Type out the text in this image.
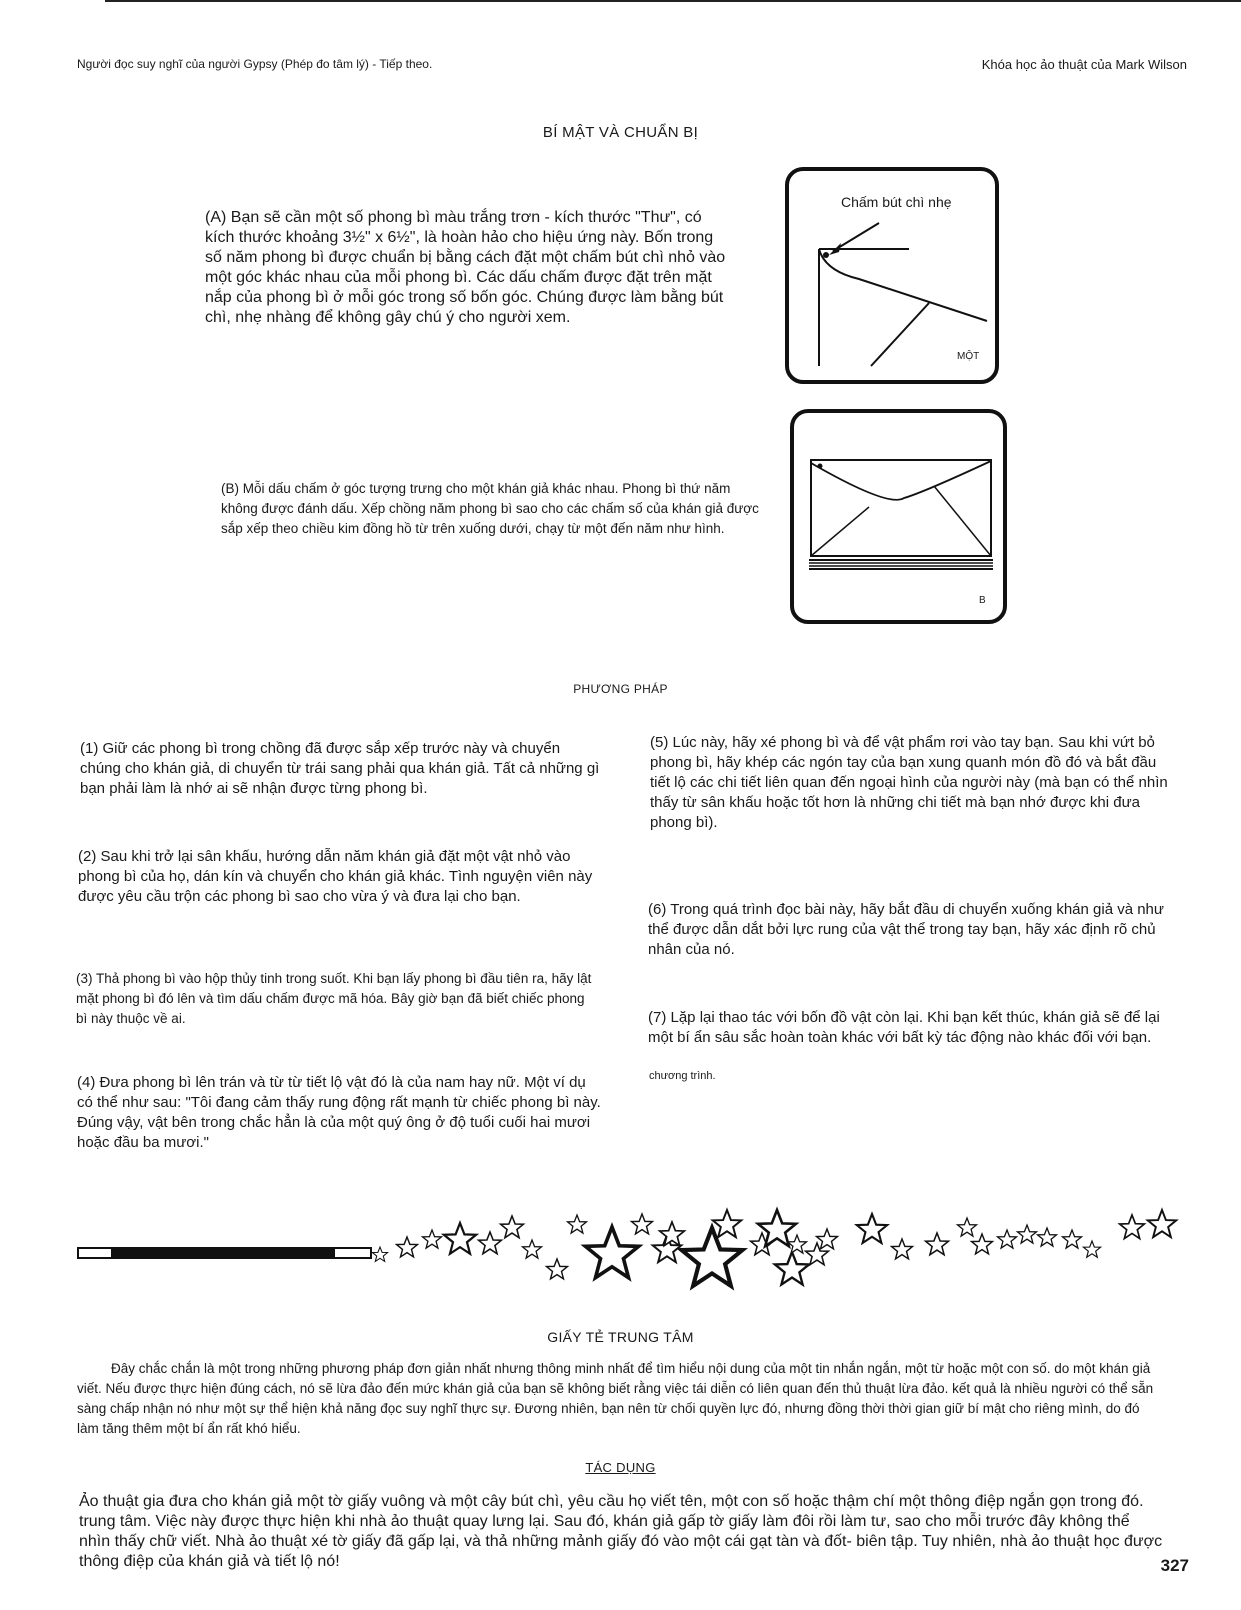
Người đọc suy nghĩ của người Gypsy (Phép đo tâm lý) - Tiếp theo.	Khóa học ảo thuật của Mark Wilson
BÍ MẬT VÀ CHUẨN BỊ
(A) Bạn sẽ cần một số phong bì màu trắng trơn - kích thước "Thư", có kích thước khoảng 3½" x 6½", là hoàn hảo cho hiệu ứng này. Bốn trong số năm phong bì được chuẩn bị bằng cách đặt một chấm bút chì nhỏ vào một góc khác nhau của mỗi phong bì. Các dấu chấm được đặt trên mặt nắp của phong bì ở mỗi góc trong số bốn góc. Chúng được làm bằng bút chì, nhẹ nhàng để không gây chú ý cho người xem.
Chấm bút chì nhẹ
MỘT
(B) Mỗi dấu chấm ở góc tượng trưng cho một khán giả khác nhau. Phong bì thứ năm không được đánh dấu. Xếp chồng năm phong bì sao cho các chấm số của khán giả được sắp xếp theo chiều kim đồng hồ từ trên xuống dưới, chạy từ một đến năm như hình.
B
PHƯƠNG PHÁP
(1) Giữ các phong bì trong chồng đã được sắp xếp trước này và chuyển chúng cho khán giả, di chuyển từ trái sang phải qua khán giả. Tất cả những gì bạn phải làm là nhớ ai sẽ nhận được từng phong bì.
(2) Sau khi trở lại sân khấu, hướng dẫn năm khán giả đặt một vật nhỏ vào phong bì của họ, dán kín và chuyển cho khán giả khác. Tình nguyện viên này được yêu cầu trộn các phong bì sao cho vừa ý và đưa lại cho bạn.
(3) Thả phong bì vào hộp thủy tinh trong suốt. Khi bạn lấy phong bì đầu tiên ra, hãy lật mặt phong bì đó lên và tìm dấu chấm được mã hóa. Bây giờ bạn đã biết chiếc phong bì này thuộc về ai.
(4) Đưa phong bì lên trán và từ từ tiết lộ vật đó là của nam hay nữ. Một ví dụ có thể như sau: "Tôi đang cảm thấy rung động rất mạnh từ chiếc phong bì này. Đúng vậy, vật bên trong chắc hẳn là của một quý ông ở độ tuổi cuối hai mươi hoặc đầu ba mươi."
(5) Lúc này, hãy xé phong bì và để vật phẩm rơi vào tay bạn. Sau khi vứt bỏ phong bì, hãy khép các ngón tay của bạn xung quanh món đồ đó và bắt đầu tiết lộ các chi tiết liên quan đến ngoại hình của người này (mà bạn có thể nhìn thấy từ sân khấu hoặc tốt hơn là những chi tiết mà bạn nhớ được khi đưa phong bì).
(6) Trong quá trình đọc bài này, hãy bắt đầu di chuyển xuống khán giả và như thể được dẫn dắt bởi lực rung của vật thể trong tay bạn, hãy xác định rõ chủ nhân của nó.
(7) Lặp lại thao tác với bốn đồ vật còn lại. Khi bạn kết thúc, khán giả sẽ để lại một bí ẩn sâu sắc hoàn toàn khác với bất kỳ tác động nào khác đối với bạn.
chương trình.
GIẤY TẺ TRUNG TÂM
Đây chắc chắn là một trong những phương pháp đơn giản nhất nhưng thông minh nhất để tìm hiểu nội dung của một tin nhắn ngắn, một từ hoặc một con số. do một khán giả viết. Nếu được thực hiện đúng cách, nó sẽ lừa đảo đến mức khán giả của bạn sẽ không biết rằng việc tái diễn có liên quan đến thủ thuật lừa đảo. kết quả là nhiều người có thể sẵn sàng chấp nhận nó như một sự thể hiện khả năng đọc suy nghĩ thực sự. Đương nhiên, bạn nên từ chối quyền lực đó, nhưng đồng thời thời gian giữ bí mật cho riêng mình, do đó làm tăng thêm một bí ẩn rất khó hiểu.
TÁC DỤNG
Ảo thuật gia đưa cho khán giả một tờ giấy vuông và một cây bút chì, yêu cầu họ viết tên, một con số hoặc thậm chí một thông điệp ngắn gọn trong đó. trung tâm. Việc này được thực hiện khi nhà ảo thuật quay lưng lại. Sau đó, khán giả gấp tờ giấy làm đôi rồi làm tư, sao cho mỗi trước đây không thể nhìn thấy chữ viết. Nhà ảo thuật xé tờ giấy đã gấp lại, và thả những mảnh giấy đó vào một cái gạt tàn và đốt- biên tập. Tuy nhiên, nhà ảo thuật học được thông điệp của khán giả và tiết lộ nó!	327
